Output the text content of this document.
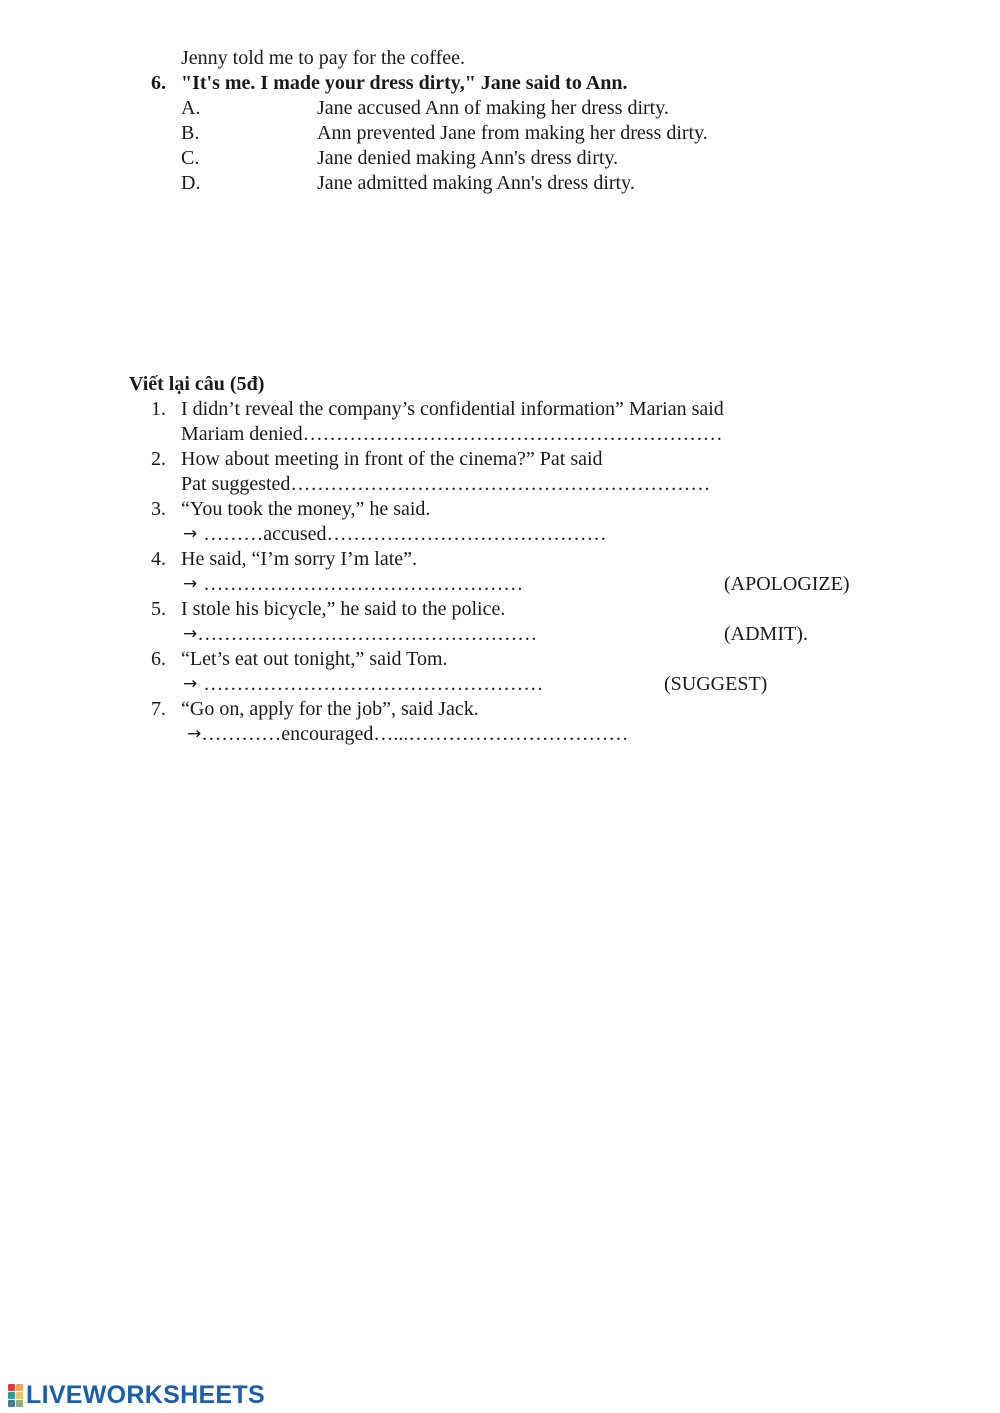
Jenny told me to pay for the coffee.
6. "It's me. I made your dress dirty," Jane said to Ann.
A.	Jane accused Ann of making her dress dirty.
B.	Ann prevented Jane from making her dress dirty.
C.	Jane denied making Ann's dress dirty.
D.	Jane admitted making Ann's dress dirty.
Viết lại câu (5đ)
1. I didn’t reveal the company’s confidential information” Marian said
Mariam denied………………………………………………………
2. How about meeting in front of the cinema?” Pat said
Pat suggested………………………………………………………
3. “You took the money,” he said.
→ ………accused……………………………………
4. He said, “I’m sorry I’m late”.
→ …………………………………………	(APOLOGIZE)
5. I stole his bicycle,” he said to the police.
→……………………………………………	(ADMIT).
6. “Let’s eat out tonight,” said Tom.
→ ……………………………………………	(SUGGEST)
7. “Go on, apply for the job”, said Jack.
→…………encouraged…...……………………………
LIVEWORKSHEETS
